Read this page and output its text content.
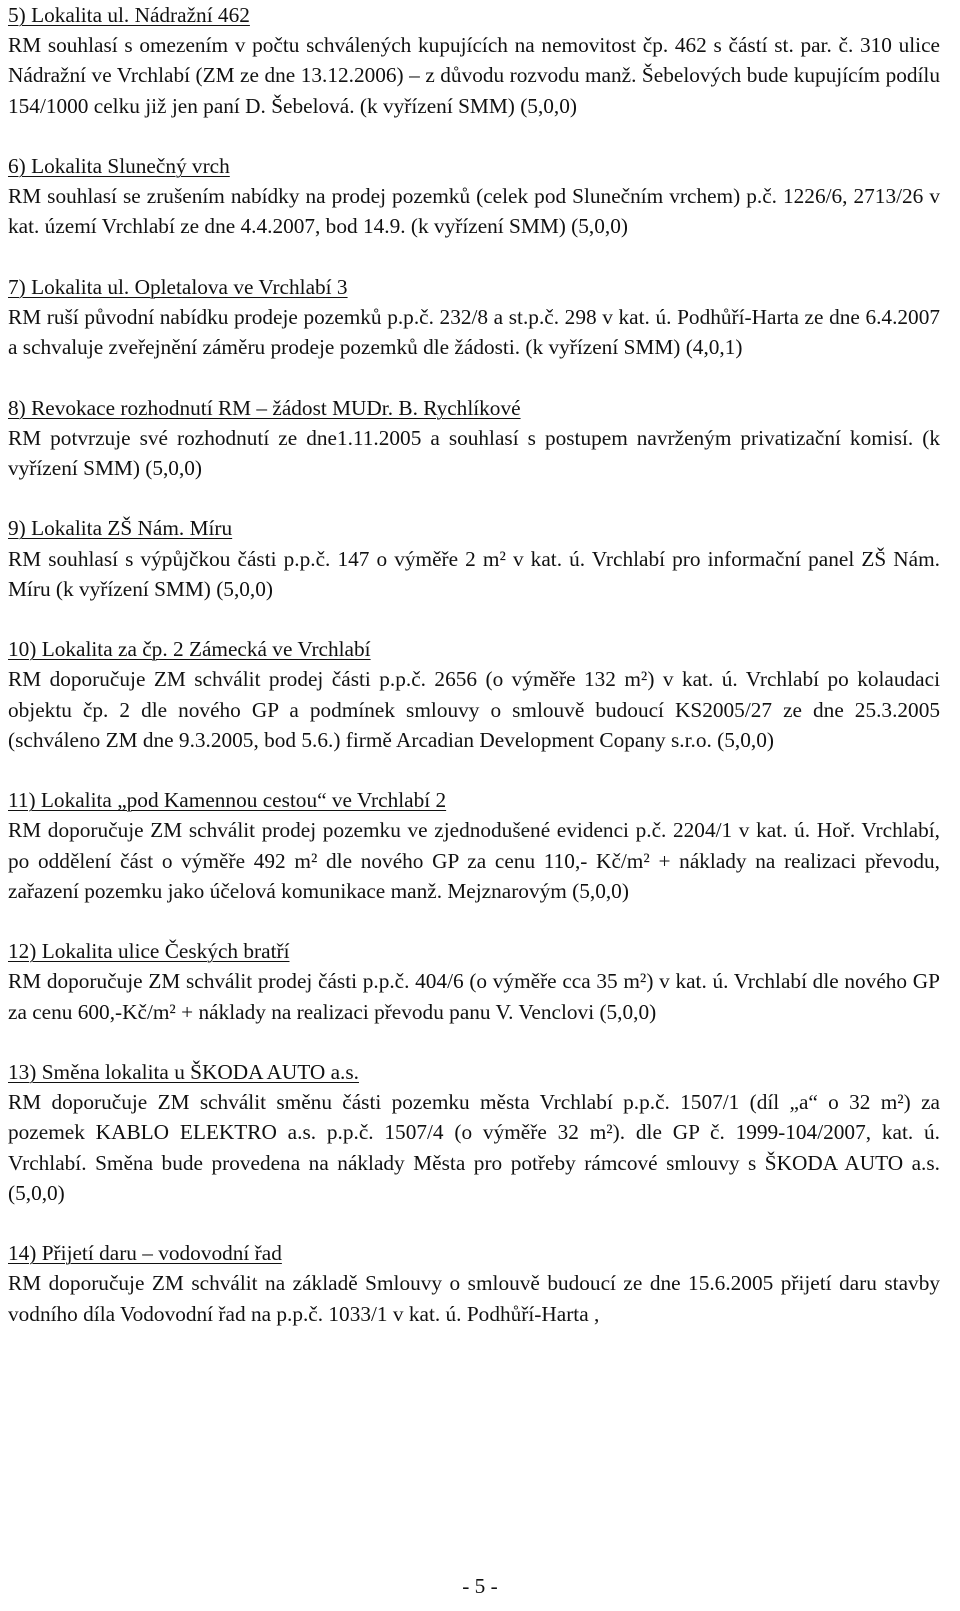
5) Lokalita ul. Nádražní 462
RM souhlasí s omezením v počtu schválených kupujících na nemovitost čp. 462 s částí st. par. č. 310 ulice Nádražní ve Vrchlabí (ZM ze dne 13.12.2006) – z důvodu rozvodu manž. Šebelových bude kupujícím podílu 154/1000 celku již jen paní D. Šebelová. (k vyřízení SMM) (5,0,0)
6) Lokalita Slunečný vrch
RM souhlasí se zrušením nabídky na prodej pozemků (celek pod Slunečním vrchem) p.č. 1226/6, 2713/26 v kat. území Vrchlabí ze dne 4.4.2007, bod 14.9. (k vyřízení SMM) (5,0,0)
7) Lokalita ul. Opletalova ve Vrchlabí 3
RM ruší původní nabídku prodeje pozemků p.p.č. 232/8 a st.p.č. 298 v kat. ú. Podhůří-Harta ze dne 6.4.2007 a schvaluje zveřejnění záměru prodeje pozemků dle žádosti. (k vyřízení SMM) (4,0,1)
8) Revokace rozhodnutí RM – žádost MUDr. B. Rychlíkové
RM potvrzuje své rozhodnutí ze dne1.11.2005 a souhlasí s postupem navrženým privatizační komisí. (k vyřízení SMM) (5,0,0)
9) Lokalita ZŠ Nám. Míru
RM souhlasí s výpůjčkou části p.p.č. 147 o výměře 2 m² v kat. ú. Vrchlabí pro informační panel ZŠ Nám. Míru (k vyřízení SMM) (5,0,0)
10) Lokalita za čp. 2 Zámecká ve Vrchlabí
RM doporučuje ZM schválit prodej části p.p.č. 2656 (o výměře 132 m²) v kat. ú. Vrchlabí po kolaudaci objektu čp. 2 dle nového GP a podmínek smlouvy o smlouvě budoucí KS2005/27 ze dne 25.3.2005 (schváleno ZM dne 9.3.2005, bod 5.6.) firmě Arcadian Development Copany s.r.o. (5,0,0)
11) Lokalita „pod Kamennou cestou“ ve Vrchlabí 2
RM doporučuje ZM schválit prodej pozemku ve zjednodušené evidenci p.č. 2204/1 v kat. ú. Hoř. Vrchlabí, po oddělení část o výměře 492 m² dle nového GP za cenu 110,- Kč/m² + náklady na realizaci převodu, zařazení pozemku jako účelová komunikace manž. Mejznarovým (5,0,0)
12) Lokalita ulice Českých bratří
RM doporučuje ZM schválit prodej části p.p.č. 404/6 (o výměře cca 35 m²) v kat. ú. Vrchlabí dle nového GP za cenu 600,-Kč/m² + náklady na realizaci převodu panu V. Venclovi (5,0,0)
13) Směna lokalita u ŠKODA AUTO a.s.
RM doporučuje ZM schválit směnu části pozemku města Vrchlabí p.p.č. 1507/1 (díl „a“ o 32 m²) za pozemek KABLO ELEKTRO a.s. p.p.č. 1507/4 (o výměře 32 m²). dle GP č. 1999-104/2007, kat. ú. Vrchlabí. Směna bude provedena na náklady Města pro potřeby rámcové smlouvy s ŠKODA AUTO a.s. (5,0,0)
14) Přijetí daru – vodovodní řad
RM doporučuje ZM schválit na základě Smlouvy o smlouvě budoucí ze dne 15.6.2005 přijetí daru stavby vodního díla Vodovodní řad na p.p.č. 1033/1 v kat. ú. Podhůří-Harta ,
- 5 -
